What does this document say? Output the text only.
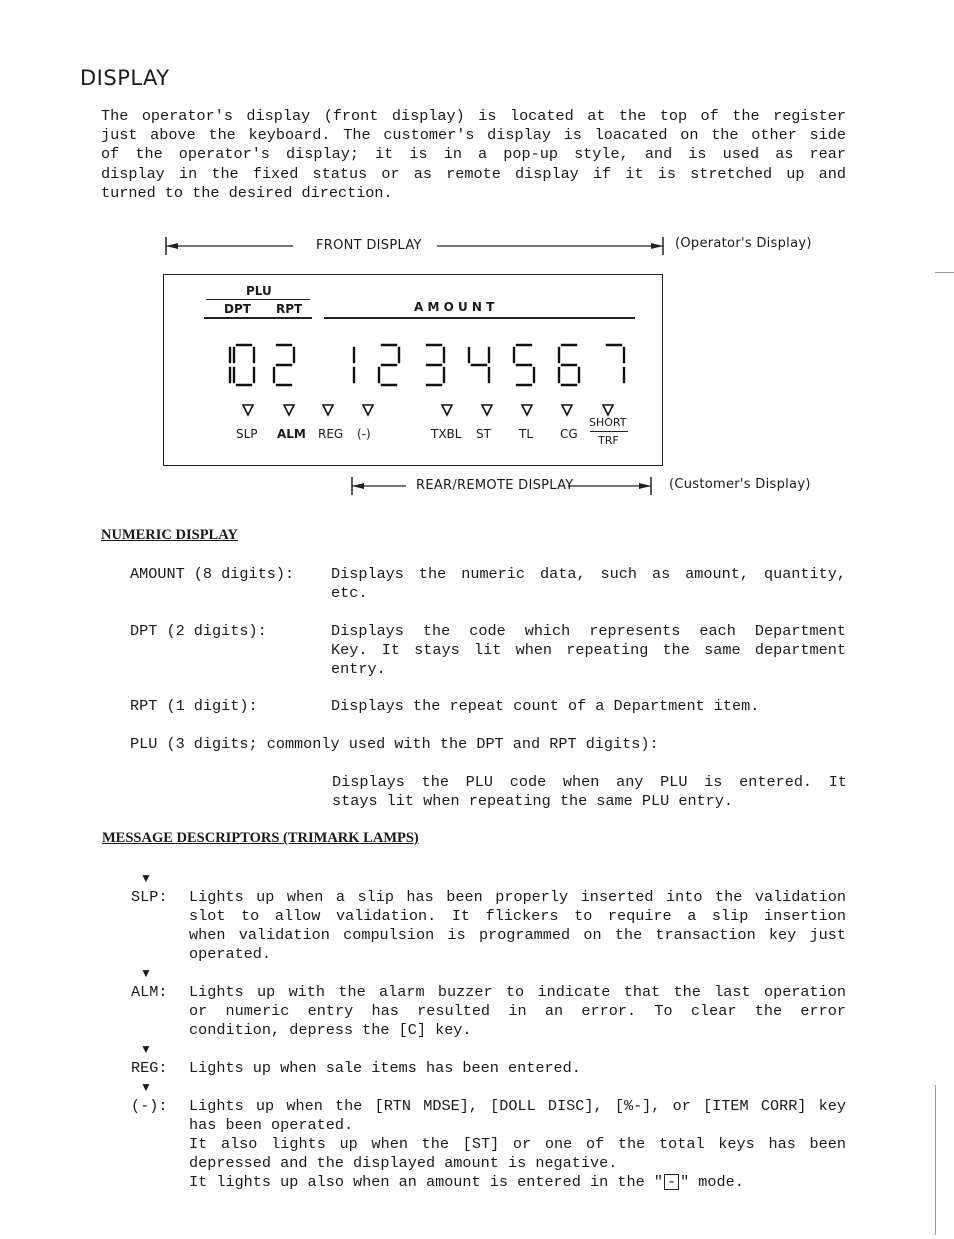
DISPLAY

The operator's display (front display) is located at the top of the register

just above the keyboard. The customer's display is loacated on the other side

of the operator's display; it is in a pop-up style, and is used as rear

display in the fixed status or as remote display if it is stretched up and

turned to the desired direction.

FRONT DISPLAY	(Operator's Display)
PLU
DPT RPT	A M O U N T
SLP ALM REG (-)	TXBL ST TL CG
SHORT
TRF
REAR/REMOTE DISPLAY	(Customer's Display)
NUMERIC DISPLAY
AMOUNT (8 digits): Displays the numeric data, such as amount, quantity,

etc.

DPT (2 digits):	Displays the code which represents each Department

Key. It stays lit when repeating the same department

entry.

RPT (1 digit):	Displays the repeat count of a Department item.
PLU (3 digits; commonly used with the DPT and RPT digits):

Displays the PLU code when any PLU is entered. It

stays lit when repeating the same PLU entry.

MESSAGE DESCRIPTORS (TRIMARK LAMPS)
▼
SLP: Lights up when a slip has been properly inserted into the validation

slot to allow validation. It flickers to require a slip insertion

when validation compulsion is programmed on the transaction key just

operated.

▼
ALM: Lights up with the alarm buzzer to indicate that the last operation

or numeric entry has resulted in an error. To clear the error

condition, depress the [C] key.

▼
REG: Lights up when sale items has been entered.
▼
(-): Lights up when the [RTN MDSE], [DOLL DISC], [%-], or [ITEM CORR] key

has been operated.

It also lights up when the [ST] or one of the total keys has been

depressed and the displayed amount is negative.

It lights up also when an amount is entered in the " - " mode.
